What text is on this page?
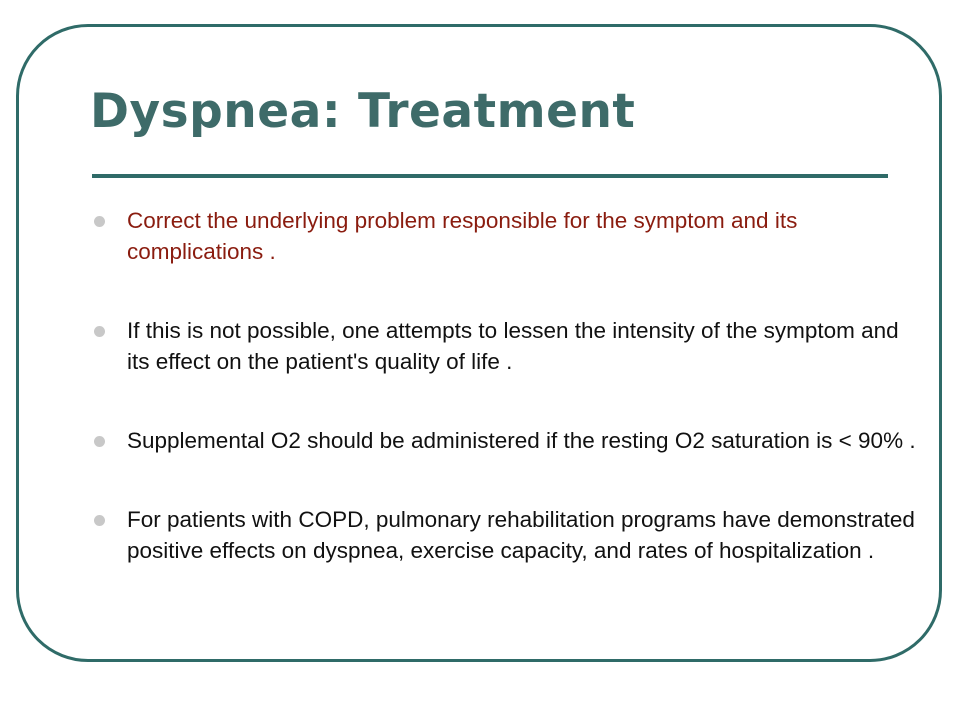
Dyspnea: Treatment
Correct the underlying problem responsible for the symptom and its complications .
If this is not possible, one attempts to lessen the intensity of the symptom and its effect on the patient's quality of life .
Supplemental O2 should be administered if the resting O2 saturation is < 90% .
For patients with COPD, pulmonary rehabilitation programs have demonstrated positive effects on dyspnea, exercise capacity, and rates of hospitalization .
